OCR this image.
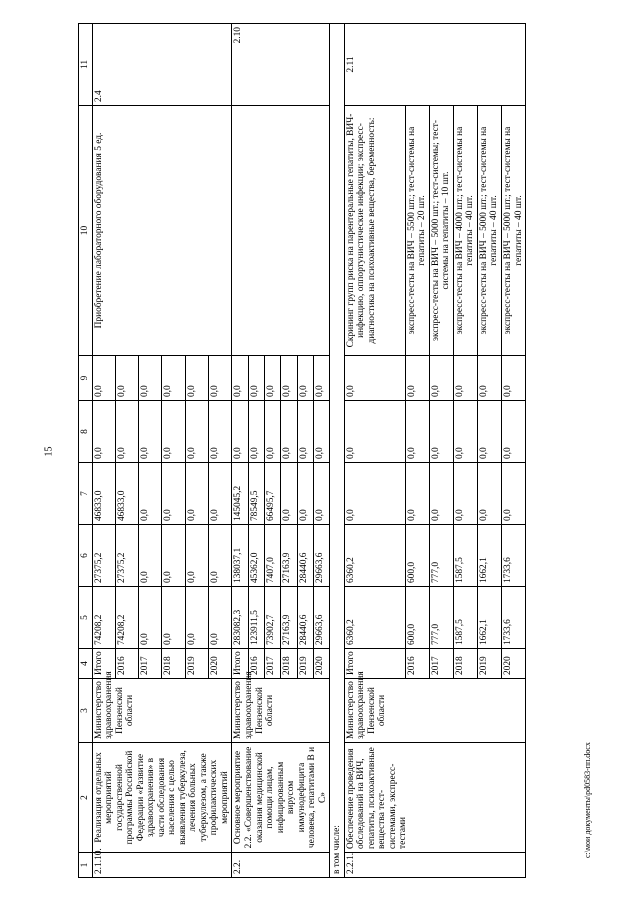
15
c:\мои документы\pd0583-пп.docx
1	2	3	4	5	6	7	8	9	10	11
2.1.10.	Реализация отдельных мероприятий государственной программы Российской Федерации «Развитие здравоохранения» в части обследования населения с целью выявления туберкулеза, лечения больных туберкулезом, а также профилактических мероприятий	Министерство здравоохранения Пензенской области	Итого	74208,2	27375,2	46833,0	0,0	0,0	Приобретение лабораторного оборудования 5 ед.	2.4
			2016	74208,2	27375,2	46833,0	0,0	0,0		
			2017	0,0	0,0	0,0	0,0	0,0		
			2018	0,0	0,0	0,0	0,0	0,0		
			2019	0,0	0,0	0,0	0,0	0,0		
			2020	0,0	0,0	0,0	0,0	0,0		
2.2.	Основное мероприятие 2.2. «Совершенствование оказания медицинской помощи лицам, инфицированным вирусом иммунодефицита человека, гепатитами B и C»	Министерство здравоохранения Пензенской области	Итого	283082,3	138037,1	145045,2	0,0	0,0		2.10
			2016	123911,5	45362,0	78549,5	0,0	0,0		
			2017	73902,7	7407,0	66495,7	0,0	0,0		
			2018	27163,9	27163,9	0,0	0,0	0,0		
			2019	28440,6	28440,6	0,0	0,0	0,0		
			2020	29663,6	29663,6	0,0	0,0	0,0		
в том числе:										
2.2.1.	Обеспечение проведения обследований на ВИЧ, гепатиты, психоактивные вещества тест-системами, экспресс-тестами	Министерство здравоохранения Пензенской области	Итого	6360,2	6360,2	0,0	0,0	0,0	Скрининг групп риска на парентеральные гепатиты, ВИЧ-инфекцию, оппортунистические инфекции; экспресс-диагностика на психоактивные вещества, беременность:	2.11
			2016	600,0	600,0	0,0	0,0	0,0	экспресс-тесты на ВИЧ – 5500 шт.; тест-системы на гепатиты – 20 шт.	
			2017	777,0	777,0	0,0	0,0	0,0	экспресс-тесты на ВИЧ – 5000 шт.; тест-системы; тест-системы на гепатиты – 10 шт.	
			2018	1587,5	1587,5	0,0	0,0	0,0	экспресс-тесты на ВИЧ – 4000 шт.; тест-системы на гепатиты – 40 шт.	
			2019	1662,1	1662,1	0,0	0,0	0,0	экспресс-тесты на ВИЧ – 5000 шт.; тест-системы на гепатиты – 40 шт.	
			2020	1733,6	1733,6	0,0	0,0	0,0	экспресс-тесты на ВИЧ – 5000 шт.; тест-системы на гепатиты – 40 шт.	
